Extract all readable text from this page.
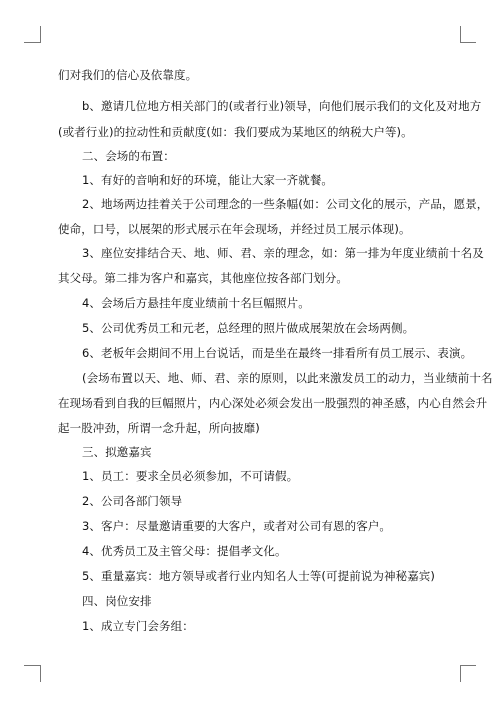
们对我们的信心及依靠度。
b、邀请几位地方相关部门的(或者行业)领导，向他们展示我们的文化及对地方
(或者行业)的拉动性和贡献度(如：我们要成为某地区的纳税大户等)。
二、会场的布置：
1、有好的音响和好的环境，能让大家一齐就餐。
2、地场两边挂着关于公司理念的一些条幅(如：公司文化的展示，产品，愿景，
使命，口号，以展架的形式展示在年会现场，并经过员工展示体现)。
3、座位安排结合天、地、师、君、亲的理念，如：第一排为年度业绩前十名及
其父母。第二排为客户和嘉宾，其他座位按各部门划分。
4、会场后方悬挂年度业绩前十名巨幅照片。
5、公司优秀员工和元老，总经理的照片做成展架放在会场两侧。
6、老板年会期间不用上台说话，而是坐在最终一排看所有员工展示、表演。
(会场布置以天、地、师、君、亲的原则，以此来激发员工的动力，当业绩前十名
在现场看到自我的巨幅照片，内心深处必须会发出一股强烈的神圣感，内心自然会升
起一股冲劲，所谓一念升起，所向披靡)
三、拟邀嘉宾
1、员工：要求全员必须参加，不可请假。
2、公司各部门领导
3、客户：尽量邀请重要的大客户，或者对公司有恩的客户。
4、优秀员工及主管父母：提倡孝文化。
5、重量嘉宾：地方领导或者行业内知名人士等(可提前说为神秘嘉宾)
四、岗位安排
1、成立专门会务组：
